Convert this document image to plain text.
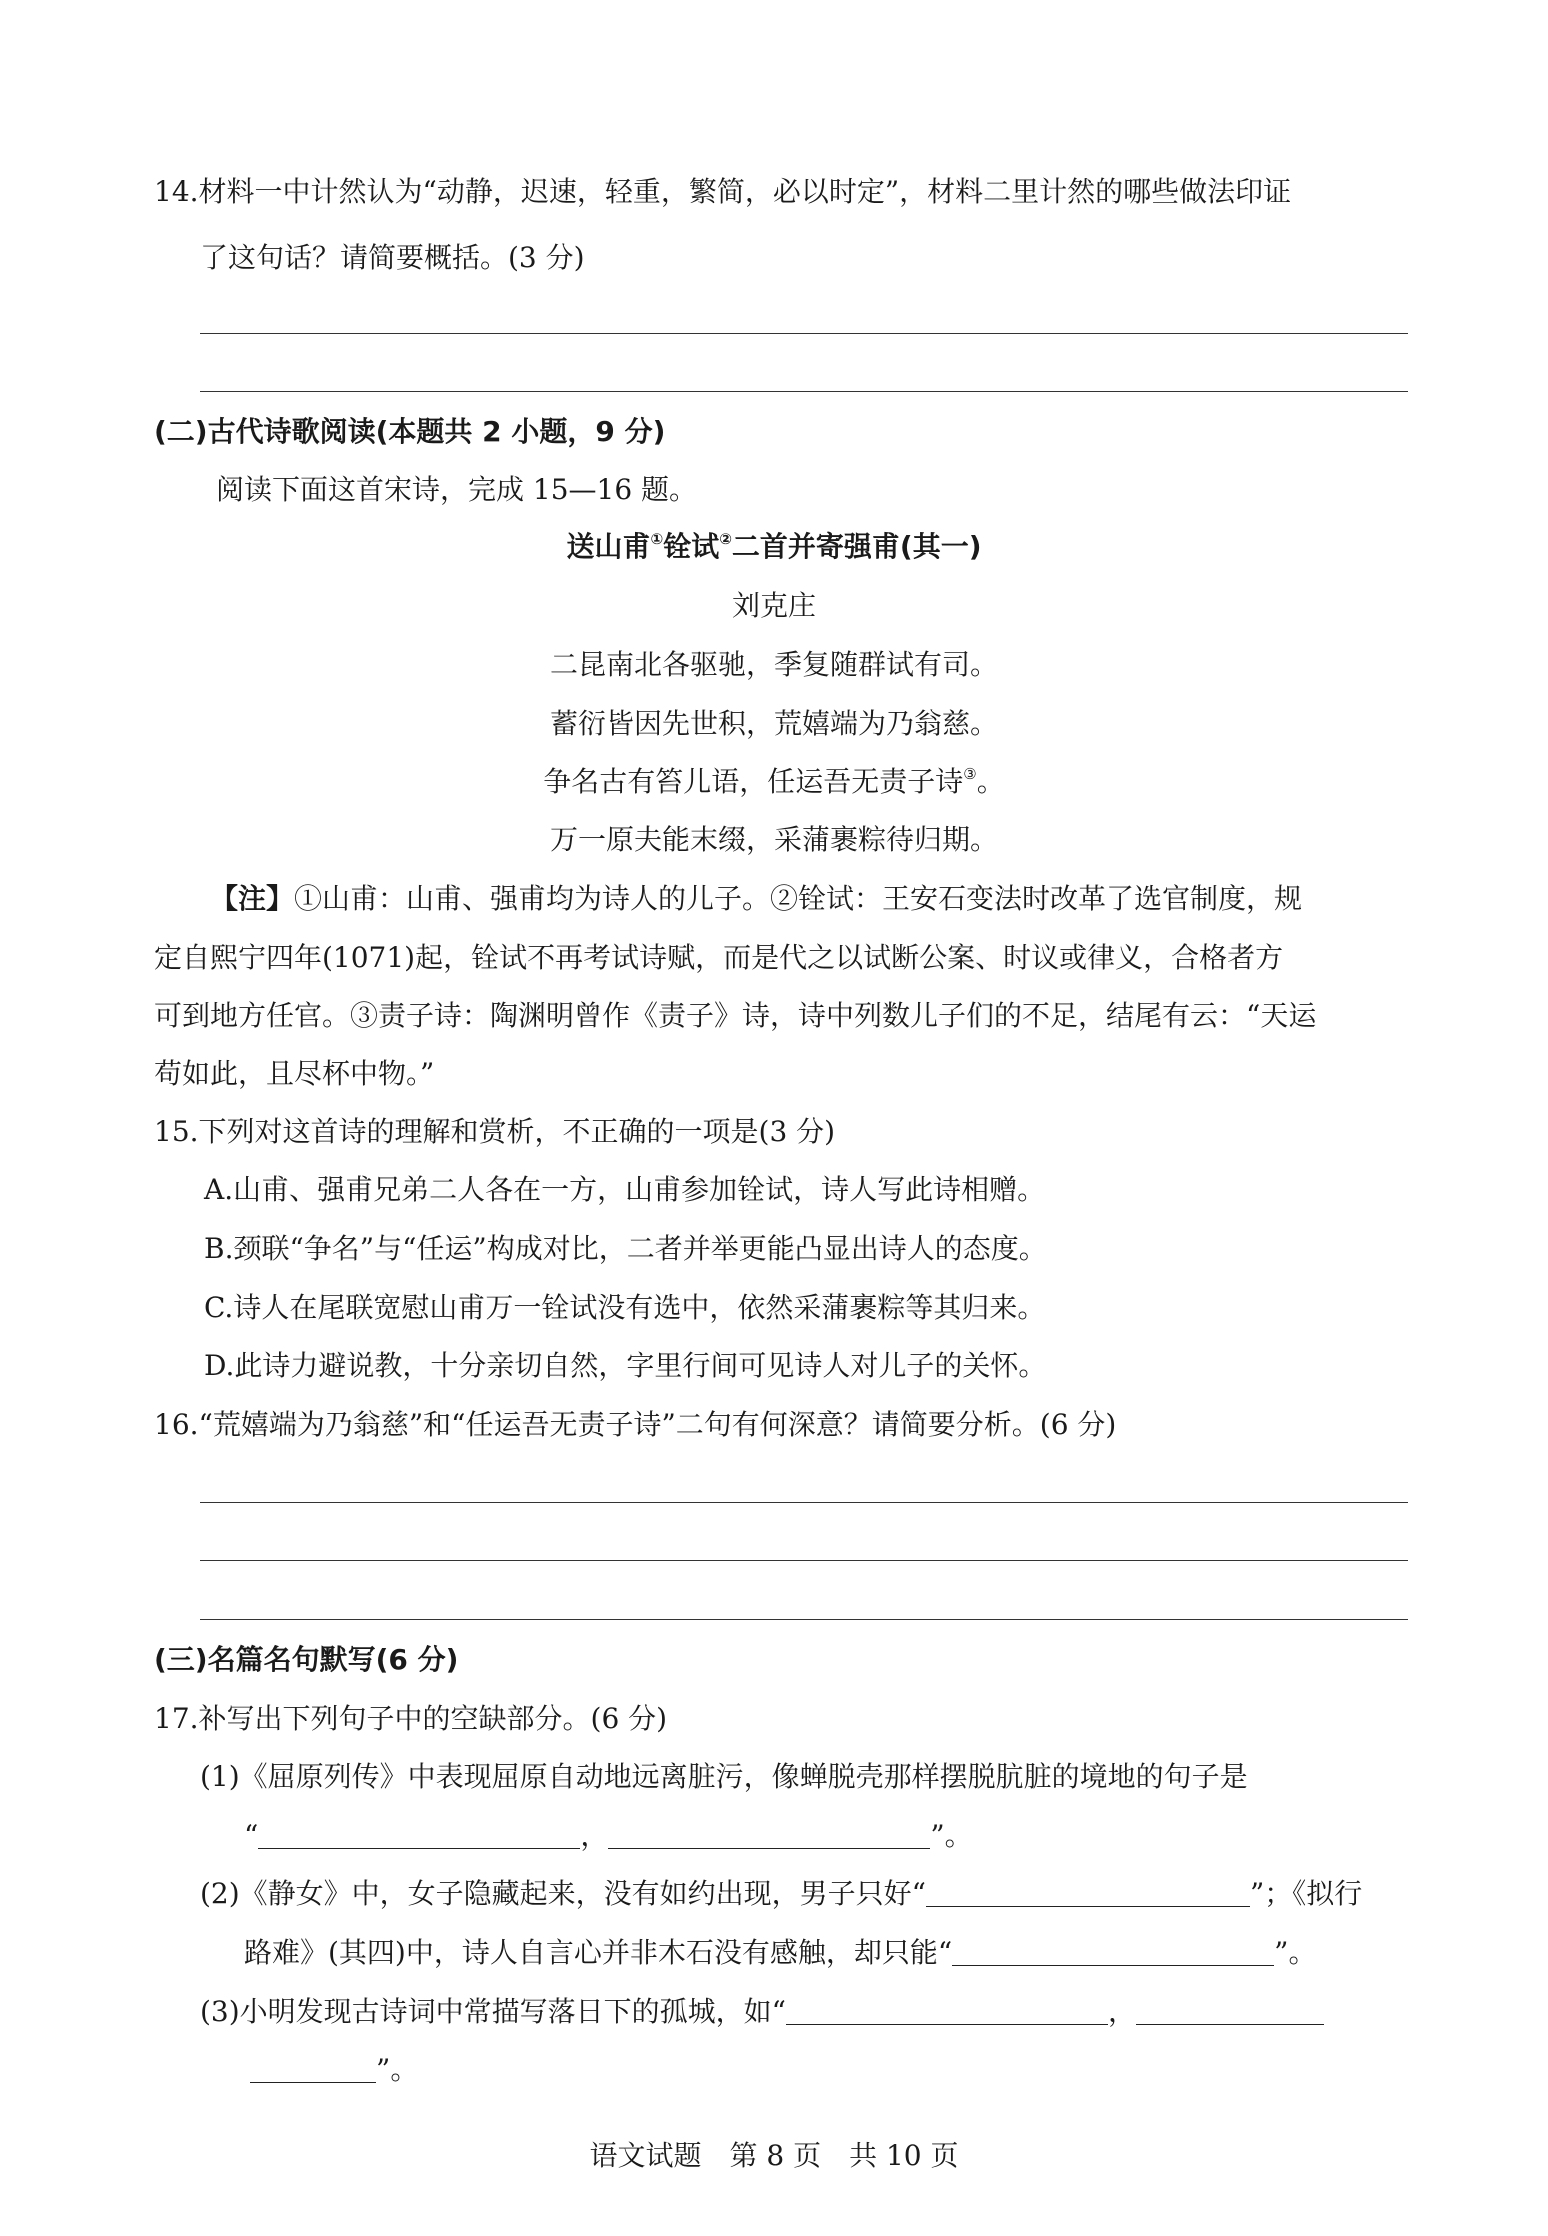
14.材料一中计然认为“动静，迟速，轻重，繁简，必以时定”，材料二里计然的哪些做法印证
了这句话？请简要概括。(3 分)
(二)古代诗歌阅读(本题共 2 小题，9 分)
阅读下面这首宋诗，完成 15—16 题。
送山甫①铨试②二首并寄强甫(其一)
刘克庄
二昆南北各驱驰，季复随群试有司。
蓄衍皆因先世积，荒嬉端为乃翁慈。
争名古有笞儿语，任运吾无责子诗③。
万一原夫能末缀，采蒲裹粽待归期。
【注】①山甫：山甫、强甫均为诗人的儿子。②铨试：王安石变法时改革了选官制度，规
定自熙宁四年(1071)起，铨试不再考试诗赋，而是代之以试断公案、时议或律义，合格者方
可到地方任官。③责子诗：陶渊明曾作《责子》诗，诗中列数儿子们的不足，结尾有云：“天运
苟如此，且尽杯中物。”
15.下列对这首诗的理解和赏析，不正确的一项是(3 分)
A.山甫、强甫兄弟二人各在一方，山甫参加铨试，诗人写此诗相赠。
B.颈联“争名”与“任运”构成对比，二者并举更能凸显出诗人的态度。
C.诗人在尾联宽慰山甫万一铨试没有选中，依然采蒲裹粽等其归来。
D.此诗力避说教，十分亲切自然，字里行间可见诗人对儿子的关怀。
16.“荒嬉端为乃翁慈”和“任运吾无责子诗”二句有何深意？请简要分析。(6 分)
(三)名篇名句默写(6 分)
17.补写出下列句子中的空缺部分。(6 分)
(1)《屈原列传》中表现屈原自动地远离脏污，像蝉脱壳那样摆脱肮脏的境地的句子是
“	，	”。
(2)《静女》中，女子隐藏起来，没有如约出现，男子只好“	”；《拟行
路难》(其四)中，诗人自言心并非木石没有感触，却只能“	”。
(3)小明发现古诗词中常描写落日下的孤城，如“	，
”。
语文试题　第 8 页　共 10 页
